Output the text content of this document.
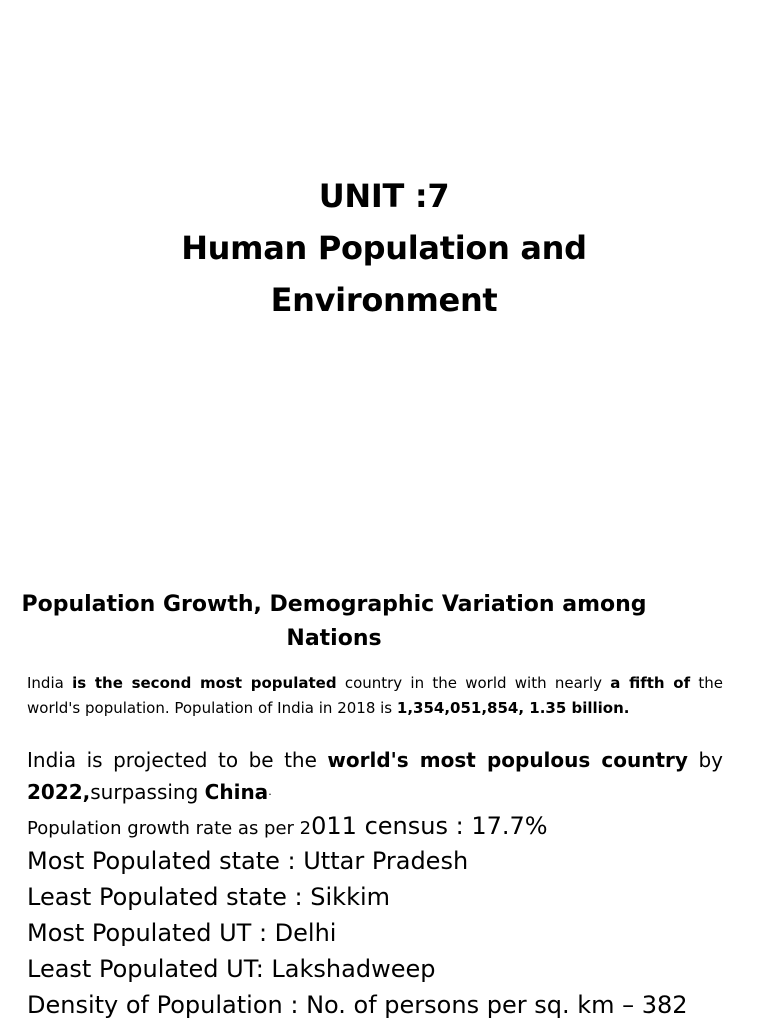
UNIT :7
Human Population and
Environment
Population Growth, Demographic Variation among
Nations
India is the second most populated country in the world with nearly a fifth of the world's population. Population of India in 2018 is 1,354,051,854, 1.35 billion.
India is projected to be the world's most populous country by
2022,surpassing China.
Population growth rate as per 2011 census : 17.7%
Most Populated state : Uttar Pradesh
Least Populated state : Sikkim
Most Populated UT : Delhi
Least Populated UT: Lakshadweep
Density of Population : No. of persons per sq. km – 382
